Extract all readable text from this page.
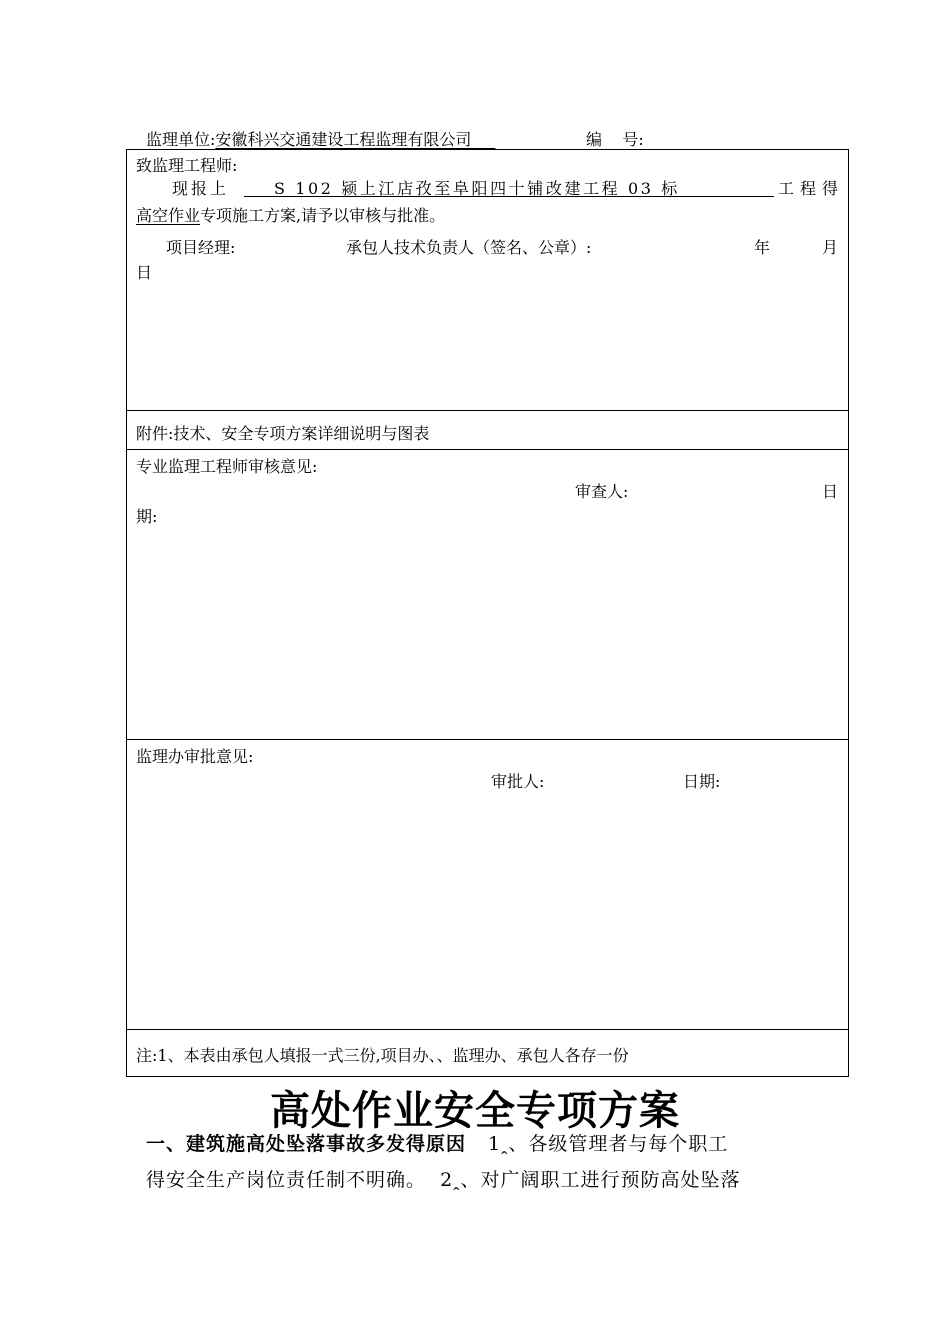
监理单位:安徽科兴交通建设工程监理有限公司   	编    号:
致监理工程师:
现报上	S 102 颍上江店孜至阜阳四十铺改建工程 03 标	工程得
高空作业专项施工方案,请予以审核与批准。
项目经理:	承包人技术负责人（签名、公章）:	年	月
日
附件:技术、安全专项方案详细说明与图表
专业监理工程师审核意见:
审查人:	日
期:
监理办审批意见:
审批人:	日期:
注:1、本表由承包人填报一式三份,项目办、、监理办、承包人各存一份
高处作业安全专项方案
一、建筑施高处坠落事故多发得原因 1ꞈ、各级管理者与每个职工
得安全生产岗位责任制不明确。  2ꞈ、对广阔职工进行预防高处坠落
